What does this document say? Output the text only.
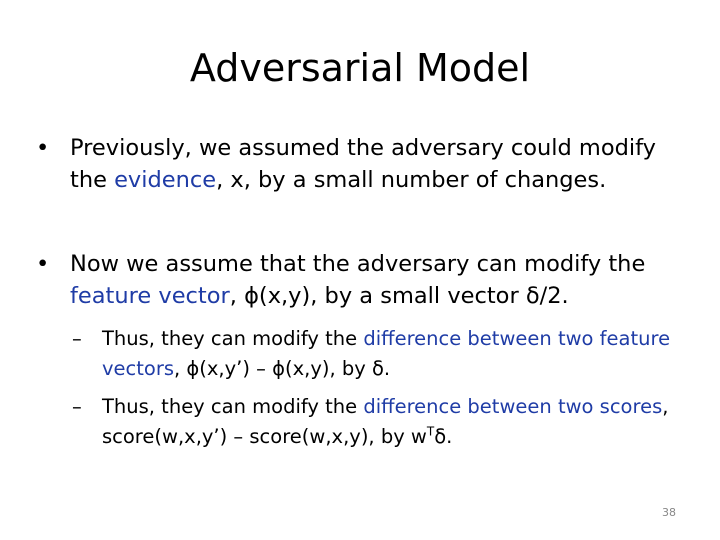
Adversarial Model
• Previously, we assumed the adversary could modify the evidence, x, by a small number of changes.
• Now we assume that the adversary can modify the feature vector, ϕ(x,y), by a small vector δ/2.
– Thus, they can modify the difference between two feature vectors, ϕ(x,y’) – ϕ(x,y), by δ.
– Thus, they can modify the difference between two scores, score(w,x,y’) – score(w,x,y), by $w^T\delta$.
38
